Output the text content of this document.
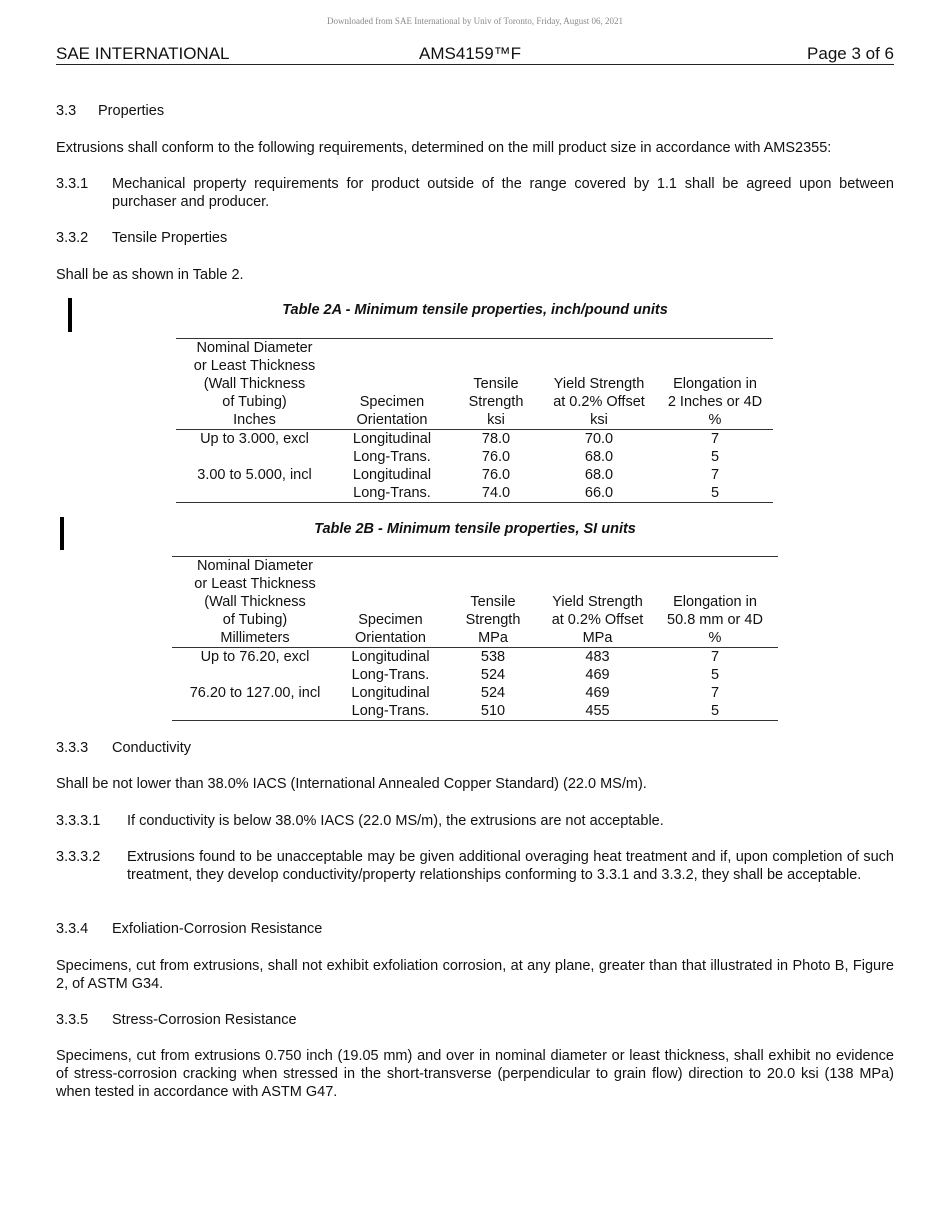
Downloaded from SAE International by Univ of Toronto, Friday, August 06, 2021
SAE INTERNATIONAL	AMS4159™F	Page 3 of 6
3.3 Properties
Extrusions shall conform to the following requirements, determined on the mill product size in accordance with AMS2355:
3.3.1 Mechanical property requirements for product outside of the range covered by 1.1 shall be agreed upon between purchaser and producer.
3.3.2 Tensile Properties
Shall be as shown in Table 2.
Table 2A - Minimum tensile properties, inch/pound units
Nominal Diameter				
or Least Thickness				
(Wall Thickness		Tensile	Yield Strength	Elongation in
of Tubing)	Specimen	Strength	at 0.2% Offset	2 Inches or 4D
Inches	Orientation	ksi	ksi	%
Up to 3.000, excl	Longitudinal	78.0	70.0	7
	Long-Trans.	76.0	68.0	5
3.00 to 5.000, incl	Longitudinal	76.0	68.0	7
	Long-Trans.	74.0	66.0	5
Table 2B - Minimum tensile properties, SI units
Nominal Diameter				
or Least Thickness				
(Wall Thickness		Tensile	Yield Strength	Elongation in
of Tubing)	Specimen	Strength	at 0.2% Offset	50.8 mm or 4D
Millimeters	Orientation	MPa	MPa	%
Up to 76.20, excl	Longitudinal	538	483	7
	Long-Trans.	524	469	5
76.20 to 127.00, incl	Longitudinal	524	469	7
	Long-Trans.	510	455	5
3.3.3 Conductivity
Shall be not lower than 38.0% IACS (International Annealed Copper Standard) (22.0 MS/m).
3.3.3.1 If conductivity is below 38.0% IACS (22.0 MS/m), the extrusions are not acceptable.
3.3.3.2 Extrusions found to be unacceptable may be given additional overaging heat treatment and if, upon completion of such treatment, they develop conductivity/property relationships conforming to 3.3.1 and 3.3.2, they shall be acceptable.
3.3.4 Exfoliation-Corrosion Resistance
Specimens, cut from extrusions, shall not exhibit exfoliation corrosion, at any plane, greater than that illustrated in Photo B, Figure 2, of ASTM G34.
3.3.5 Stress-Corrosion Resistance
Specimens, cut from extrusions 0.750 inch (19.05 mm) and over in nominal diameter or least thickness, shall exhibit no evidence of stress-corrosion cracking when stressed in the short-transverse (perpendicular to grain flow) direction to 20.0 ksi (138 MPa) when tested in accordance with ASTM G47.
